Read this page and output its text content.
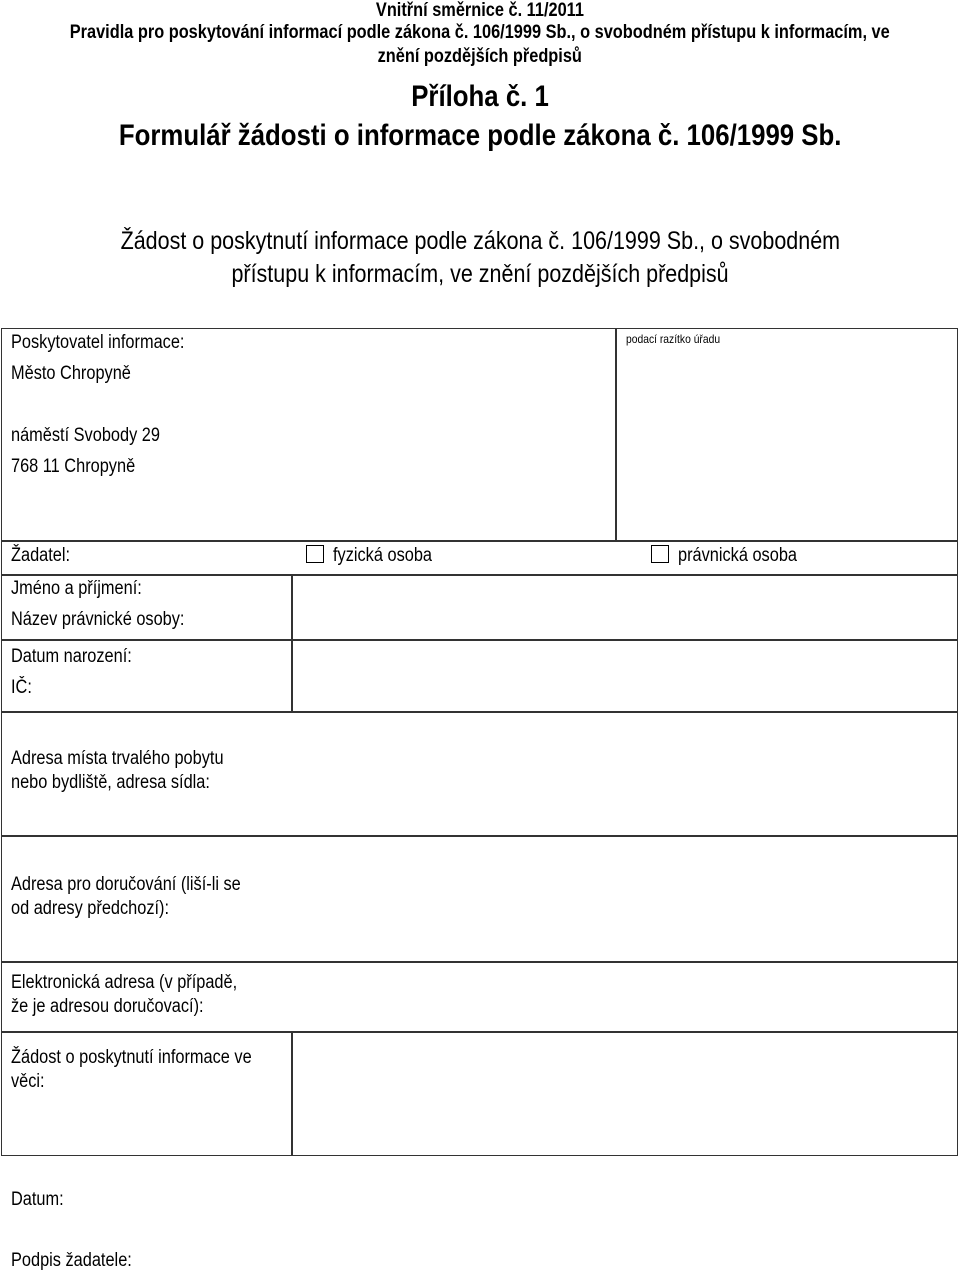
Vnitřní směrnice č. 11/2011
Pravidla pro poskytování informací podle zákona č. 106/1999 Sb., o svobodném přístupu k informacím, ve
znění pozdějších předpisů
Příloha č. 1
Formulář žádosti o informace podle zákona č. 106/1999 Sb.
Žádost o poskytnutí informace podle zákona č. 106/1999 Sb., o svobodném
přístupu k informacím, ve znění pozdějších předpisů
Poskytovatel informace:
Město Chropyně
náměstí Svobody 29
768 11 Chropyně
podací razítko úřadu
Žadatel:	fyzická osoba	právnická osoba
Jméno a příjmení:
Název právnické osoby:
Datum narození:
IČ:
Adresa místa trvalého pobytu
nebo bydliště, adresa sídla:
Adresa pro doručování (liší-li se
od adresy předchozí):
Elektronická adresa (v případě,
že je adresou doručovací):
Žádost o poskytnutí informace ve
věci:
Datum:
Podpis žadatele:
